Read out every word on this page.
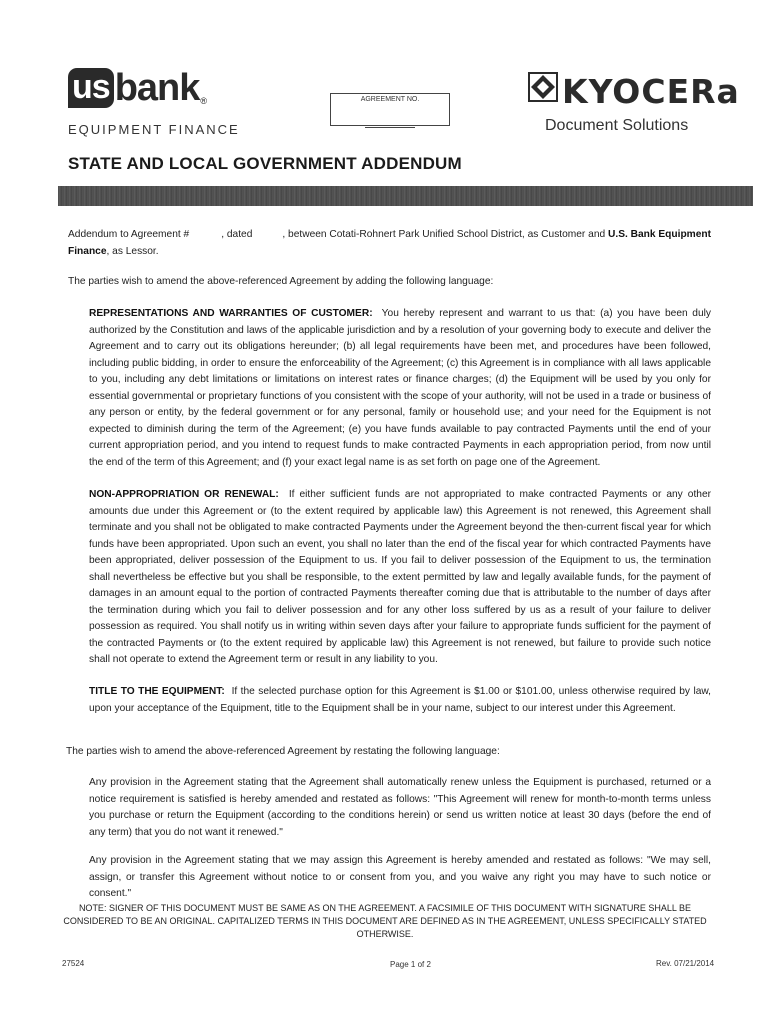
us bank$_®$
EQUIPMENT FINANCE
AGREEMENT NO.	KYOCERa
Document Solutions
STATE AND LOCAL GOVERNMENT ADDENDUM
Addendum to Agreement #	, dated	, between Cotati-Rohnert Park Unified School District, as Customer and U.S. Bank Equipment Finance, as Lessor.
The parties wish to amend the above-referenced Agreement by adding the following language:
REPRESENTATIONS AND WARRANTIES OF CUSTOMER: You hereby represent and warrant to us that: (a) you have been duly authorized by the Constitution and laws of the applicable jurisdiction and by a resolution of your governing body to execute and deliver the Agreement and to carry out its obligations hereunder; (b) all legal requirements have been met, and procedures have been followed, including public bidding, in order to ensure the enforceability of the Agreement; (c) this Agreement is in compliance with all laws applicable to you, including any debt limitations or limitations on interest rates or finance charges; (d) the Equipment will be used by you only for essential governmental or proprietary functions of you consistent with the scope of your authority, will not be used in a trade or business of any person or entity, by the federal government or for any personal, family or household use; and your need for the Equipment is not expected to diminish during the term of the Agreement; (e) you have funds available to pay contracted Payments until the end of your current appropriation period, and you intend to request funds to make contracted Payments in each appropriation period, from now until the end of the term of this Agreement; and (f) your exact legal name is as set forth on page one of the Agreement.
NON-APPROPRIATION OR RENEWAL: If either sufficient funds are not appropriated to make contracted Payments or any other amounts due under this Agreement or (to the extent required by applicable law) this Agreement is not renewed, this Agreement shall terminate and you shall not be obligated to make contracted Payments under the Agreement beyond the then-current fiscal year for which funds have been appropriated. Upon such an event, you shall no later than the end of the fiscal year for which contracted Payments have been appropriated, deliver possession of the Equipment to us. If you fail to deliver possession of the Equipment to us, the termination shall nevertheless be effective but you shall be responsible, to the extent permitted by law and legally available funds, for the payment of damages in an amount equal to the portion of contracted Payments thereafter coming due that is attributable to the number of days after the termination during which you fail to deliver possession and for any other loss suffered by us as a result of your failure to deliver possession as required. You shall notify us in writing within seven days after your failure to appropriate funds sufficient for the payment of the contracted Payments or (to the extent required by applicable law) this Agreement is not renewed, but failure to provide such notice shall not operate to extend the Agreement term or result in any liability to you.
TITLE TO THE EQUIPMENT: If the selected purchase option for this Agreement is $1.00 or $101.00, unless otherwise required by law, upon your acceptance of the Equipment, title to the Equipment shall be in your name, subject to our interest under this Agreement.
The parties wish to amend the above-referenced Agreement by restating the following language:
Any provision in the Agreement stating that the Agreement shall automatically renew unless the Equipment is purchased, returned or a notice requirement is satisfied is hereby amended and restated as follows: "This Agreement will renew for month-to-month terms unless you purchase or return the Equipment (according to the conditions herein) or send us written notice at least 30 days (before the end of any term) that you do not want it renewed."
Any provision in the Agreement stating that we may assign this Agreement is hereby amended and restated as follows: "We may sell, assign, or transfer this Agreement without notice to or consent from you, and you waive any right you may have to such notice or consent."
NOTE: SIGNER OF THIS DOCUMENT MUST BE SAME AS ON THE AGREEMENT. A FACSIMILE OF THIS DOCUMENT WITH SIGNATURE SHALL BE CONSIDERED TO BE AN ORIGINAL. CAPITALIZED TERMS IN THIS DOCUMENT ARE DEFINED AS IN THE AGREEMENT, UNLESS SPECIFICALLY STATED OTHERWISE.
27524	Page 1 of 2	Rev. 07/21/2014
